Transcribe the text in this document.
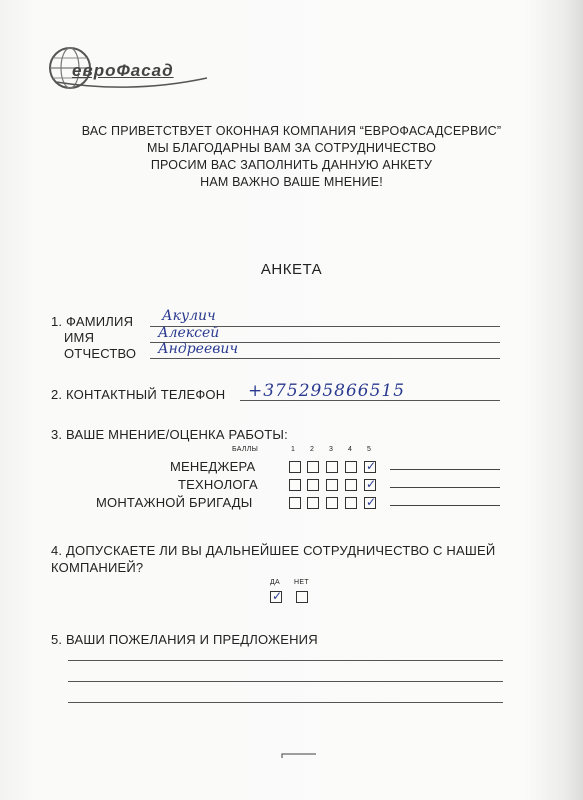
евроФасад
ВАС ПРИВЕТСТВУЕТ ОКОННАЯ КОМПАНИЯ “ЕВРОФАСАДСЕРВИС”
МЫ БЛАГОДАРНЫ ВАМ ЗА СОТРУДНИЧЕСТВО
ПРОСИМ ВАС ЗАПОЛНИТЬ ДАННУЮ АНКЕТУ
НАМ ВАЖНО ВАШЕ МНЕНИЕ!
АНКЕТА
1. ФАМИЛИЯ
ИМЯ
ОТЧЕСТВО
Акулич
Алексей
Андреевич
2. КОНТАКТНЫЙ ТЕЛЕФОН +375295866515
3. ВАШЕ МНЕНИЕ/ОЦЕНКА РАБОТЫ:
БАЛЛЫ	1 2 3 4 5
МЕНЕДЖЕРА
ТЕХНОЛОГА
МОНТАЖНОЙ БРИГАДЫ
✓
✓
✓
4. ДОПУСКАЕТЕ ЛИ ВЫ ДАЛЬНЕЙШЕЕ СОТРУДНИЧЕСТВО С НАШЕЙ
КОМПАНИЕЙ?
ДА НЕТ
✓
5. ВАШИ ПОЖЕЛАНИЯ И ПРЕДЛОЖЕНИЯ
